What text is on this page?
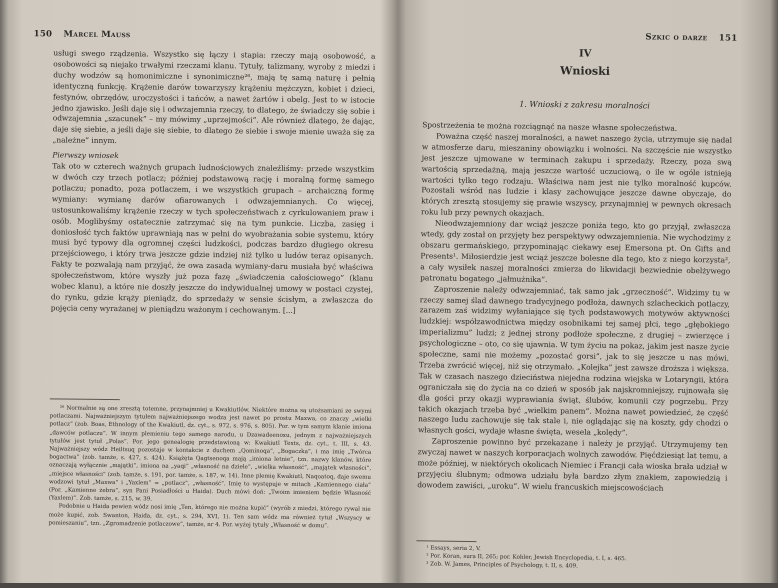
150 Marcel Mauss

usługi swego rządzenia. Wszystko się łączy i stapia: rzeczy mają osobowość, a osobowości są niejako trwałymi rzeczami klanu. Tytuły, talizmany, wyroby z miedzi i duchy wodzów są homonimiczne i synonimiczne²⁶, mają tę samą naturę i pełnią identyczną funkcję. Krążenie darów towarzyszy krążeniu mężczyzn, kobiet i dzieci, festynów, obrzędów, uroczystości i tańców, a nawet żartów i obelg. Jest to w istocie jedno zjawisko. Jeśli daje się i odwzajemnia rzeczy, to dlatego, że świadczy się sobie i odwzajemnia „szacunek” – my mówimy „uprzejmości”. Ale również dlatego, że dając, daje się siebie, a jeśli daje się siebie, to dlatego że siebie i swoje mienie uważa się za „należne” innym.

Pierwszy wniosek

Tak oto w czterech ważnych grupach ludnościowych znaleźliśmy: przede wszystkim w dwóch czy trzech potlacz; później podstawową rację i moralną formę samego potlaczu; ponadto, poza potlaczem, i we wszystkich grupach – archaiczną formę wymiany: wymianę darów ofiarowanych i odwzajemnianych. Co więcej, ustosunkowaliśmy krążenie rzeczy w tych społeczeństwach z cyrkulowaniem praw i osób. Moglibyśmy ostatecznie zatrzymać się na tym punkcie. Liczba, zasięg i doniosłość tych faktów uprawniają nas w pełni do wyobrażania sobie systemu, który musi być typowy dla ogromnej części ludzkości, podczas bardzo długiego okresu przejściowego, i który trwa jeszcze gdzie indziej niż tylko u ludów teraz opisanych. Fakty te pozwalają nam przyjąć, że owa zasada wymiany-daru musiała być właściwa społeczeństwom, które wyszły już poza fazę „świadczenia całościowego” (klanu wobec klanu), a które nie doszły jeszcze do indywidualnej umowy w postaci czystej, do rynku, gdzie krąży pieniądz, do sprzedaży w sensie ścisłym, a zwłaszcza do pojęcia ceny wyrażanej w pieniądzu ważonym i cechowanym. [...]

²⁶ Normalnie są one zresztą totemne, przynajmniej u Kwakiutlów. Niektóre można są utożsamiani ze swymi potlaczami. Najważniejszym tytułem najważniejszego wodza jest nawet po prostu Maxwa, co znaczy „wielki potlacz” (zob. Boas, Ethnology of the Kwakiutl, dz. cyt., s. 972, s. 976, s. 805). Por. w tym samym klanie imiona „dawców potlaczu”. W innym plemieniu tego samego narodu, u Dzawadeenoxu, jednym z najważniejszych tytułów jest tytuł „Polas”. Por. jego genealogię przedstawioną w: Kwakiutl Texts, dz. cyt., t. III, s. 43. Najważniejszy wódz Heiltsuq pozostaje w kontakcie z duchem „Qominoqa”, „Bogaczka”, i ma imię „Twórca bogactwa” (zob. tamże, s. 427, s. 424). Książęta Qagtsenoqa mają „imiona letnie”, tzn. nazwy klanów, które oznaczają wyłącznie „majątki”, imiona na „yaqi” „własność na dziele”, „wielka własność”, „majątek własności”, „miejsce własności” (zob. tamże, s. 191, por. tamże, s. 187, w. 14). Inne plemię Kwakiutl, Naqoatoq, daje swemu wodzowi tytuł „Maxwa” i „Yaxlem” = „potlacz”, „własność”. Imię to występuje w mitach „Kamiennego ciała” (Por. „Kamienne żebra”, syn Pani Posiadłości u Haida). Duch mówi doń: „Twoim imieniem będzie Własność (Yaxlem)”. Zob. tamże, s. 215, w. 39.

Podobnie u Haida pewien wódz nosi imię „Ten, którego nie można kupić” (wyrób z miedzi, którego rywal nie może kupić, zob. Swanton, Haida, dz. cyt., s. 294, XVI, 1). Ten sam wódz ma również tytuł „Wszyscy w pomieszaniu”, tzn. „Zgromadzenie potlaczowe”, tamże, nr 4. Por. wyżej tytuły „Własność w domu”.

Szkic o darze 151
IV
Wnioski
1. Wnioski z zakresu moralności

Spostrzeżenia te można rozciągnąć na nasze własne społeczeństwa.

Poważna część naszej moralności, a nawet naszego życia, utrzymuje się nadal w atmosferze daru, mieszaniny obowiązku i wolności. Na szczęście nie wszystko jest jeszcze ujmowane w terminach zakupu i sprzedaży. Rzeczy, poza swą wartością sprzedażną, mają jeszcze wartość uczuciową, o ile w ogóle istnieją wartości tylko tego rodzaju. Właściwa nam jest nie tylko moralność kupców. Pozostali wśród nas ludzie i klasy zachowujące jeszcze dawne obyczaje, do których zresztą stosujemy się prawie wszyscy, przynajmniej w pewnych okresach roku lub przy pewnych okazjach.

Nieodwzajemniony dar wciąż jeszcze poniża tego, kto go przyjął, zwłaszcza wtedy, gdy został on przyjęty bez perspektywy odwzajemnienia. Nie wychodzimy z obszaru germańskiego, przypominając ciekawy esej Emersona pt. On Gifts and Presents¹. Miłosierdzie jest wciąż jeszcze bolesne dla tego, kto z niego korzysta², a cały wysiłek naszej moralności zmierza do likwidacji bezwiednie obelżywego patronatu bogatego „jałmużnika”.

Zaproszenie należy odwzajemniać, tak samo jak „grzeczność”. Widzimy tu w rzeczy samej ślad dawnego tradycyjnego podłoża, dawnych szlacheckich potlaczy, zarazem zaś widzimy wyłaniające się tych podstawowych motywów aktywności ludzkiej: współzawodnictwa między osobnikami tej samej płci, tego „głębokiego imperializmu” ludzi; z jednej strony podłoże społeczne, z drugiej – zwierzęce i psychologiczne – oto, co się ujawnia. W tym życiu na pokaz, jakim jest nasze życie społeczne, sami nie możemy „pozostać gorsi”, jak to się jeszcze u nas mówi. Trzeba zwrócić więcej, niż się otrzymało. „Kolejka” jest zawsze droższa i większa. Tak w czasach naszego dzieciństwa niejedna rodzina wiejska w Lotaryngii, która ograniczała się do życia na co dzień w sposób jak najskromniejszy, rujnowała się dla gości przy okazji wyprawiania świąt, ślubów, komunii czy pogrzebu. Przy takich okazjach trzeba być „wielkim panem”. Można nawet powiedzieć, że część naszego ludu zachowuje się tak stale i, nie oglądając się na koszty, gdy chodzi o własnych gości, wydaje własne święta, wesela „kolędy”.

Zaproszenie powinno być przekazane i należy je przyjąć. Utrzymujemy ten zwyczaj nawet w naszych korporacjach wolnych zawodów. Pięćdziesiąt lat temu, a może później, w niektórych okolicach Niemiec i Francji cała wioska brała udział w przyjęciu ślubnym; odmowa udziału była bardzo złym znakiem, zapowiedzią i dowodem zawiści, „uroku”. W wielu francuskich miejscowościach

¹ Essays, seria 2, V.

² Por. Koran, sura II, 265; por. Kohler, Jewish Encyclopedia, t. I, s. 465.

³ Zob. W. James, Principles of Psychology, t. II, s. 409.
